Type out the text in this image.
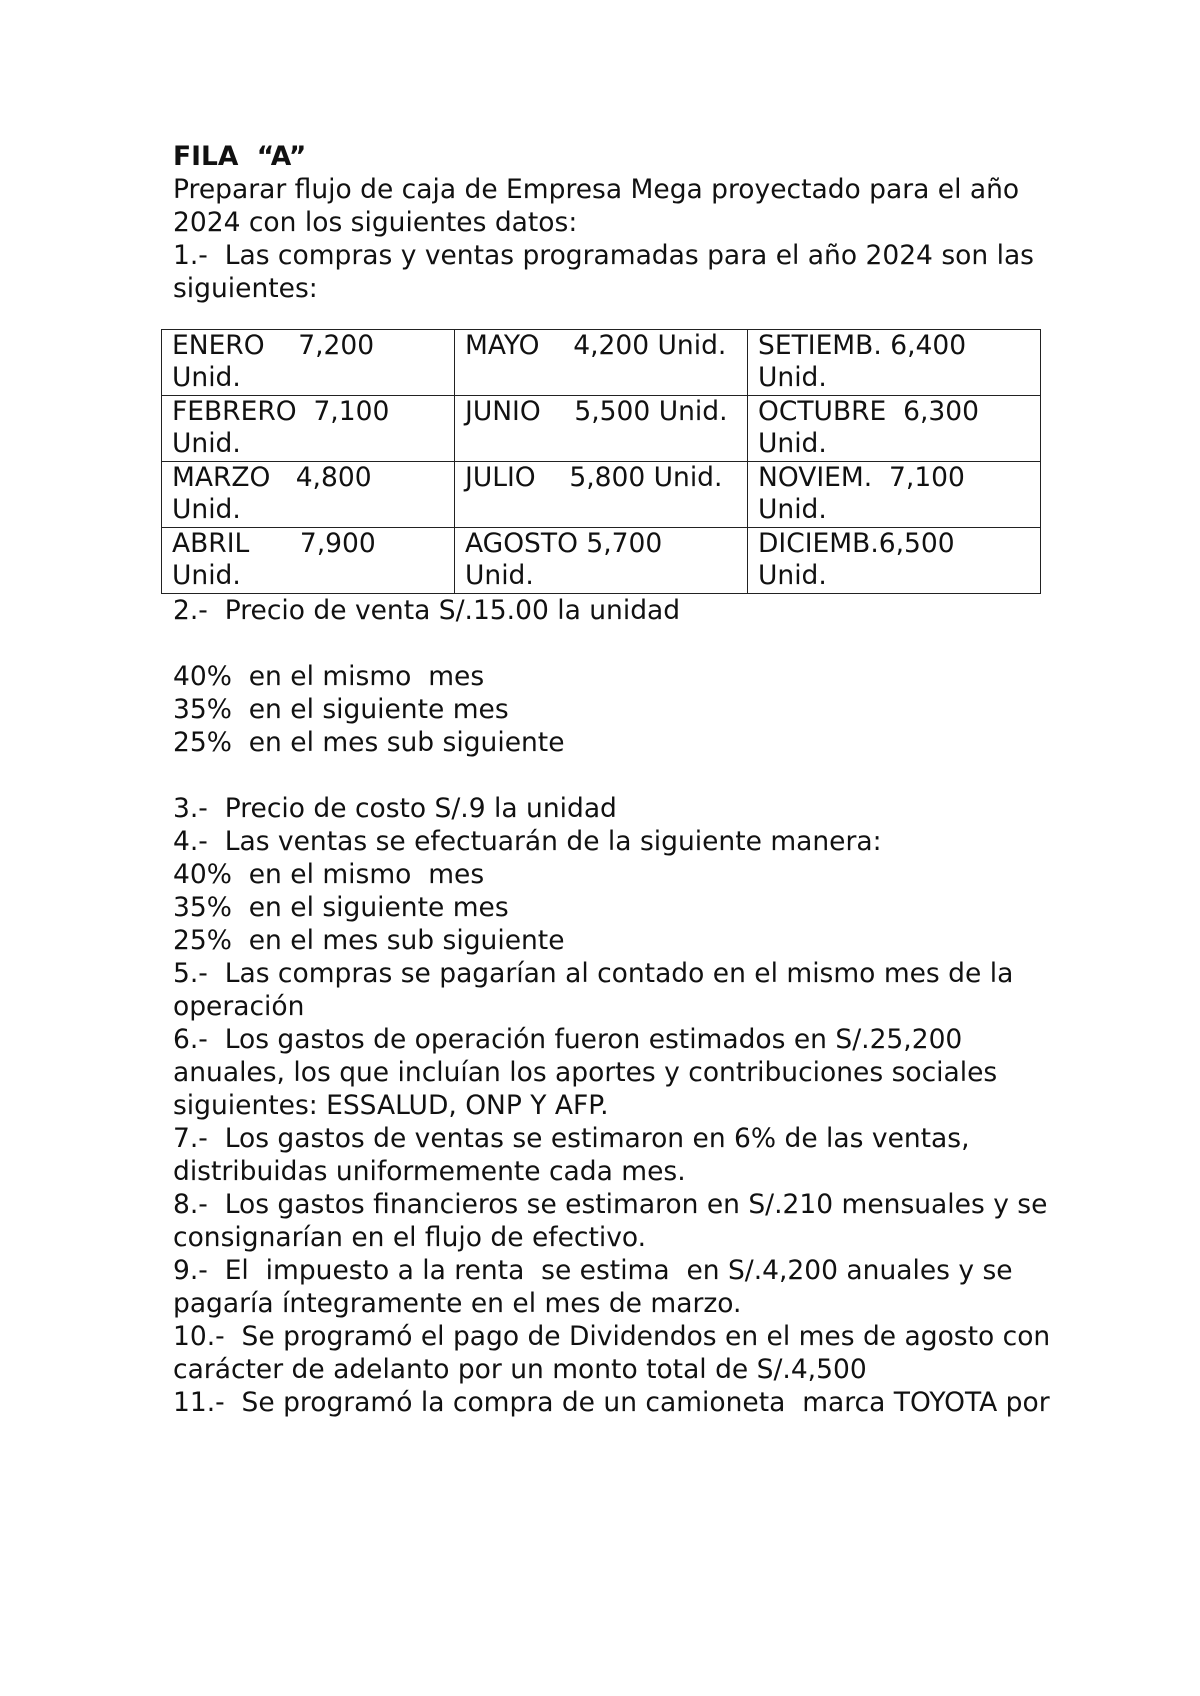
FILA  “A”

Preparar flujo de caja de Empresa Mega proyectado para el año 2024 con los siguientes datos:

1.-  Las compras y ventas programadas para el año 2024 son las siguientes:

ENERO    7,200 Unid.	MAYO    4,200 Unid.	SETIEMB. 6,400 Unid.
FEBRERO  7,100 Unid.	JUNIO    5,500 Unid.	OCTUBRE  6,300 Unid.
MARZO   4,800 Unid.	JULIO    5,800 Unid.	NOVIEM.  7,100 Unid.
ABRIL      7,900 Unid.	AGOSTO 5,700 Unid.	DICIEMB.6,500 Unid.

2.-  Precio de venta S/.15.00 la unidad

40%  en el mismo  mes

35%  en el siguiente mes

25%  en el mes sub siguiente

3.-  Precio de costo S/.9 la unidad

4.-  Las ventas se efectuarán de la siguiente manera:

40%  en el mismo  mes

35%  en el siguiente mes

25%  en el mes sub siguiente

5.-  Las compras se pagarían al contado en el mismo mes de la operación

6.-  Los gastos de operación fueron estimados en S/.25,200 anuales, los que incluían los aportes y contribuciones sociales siguientes: ESSALUD, ONP Y AFP.

7.-  Los gastos de ventas se estimaron en 6% de las ventas, distribuidas uniformemente cada mes.

8.-  Los gastos financieros se estimaron en S/.210 mensuales y se consignarían en el flujo de efectivo.

9.-  El  impuesto a la renta  se estima  en S/.4,200 anuales y se pagaría íntegramente en el mes de marzo.

10.-  Se programó el pago de Dividendos en el mes de agosto con carácter de adelanto por un monto total de S/.4,500

11.-  Se programó la compra de un camioneta  marca TOYOTA por
